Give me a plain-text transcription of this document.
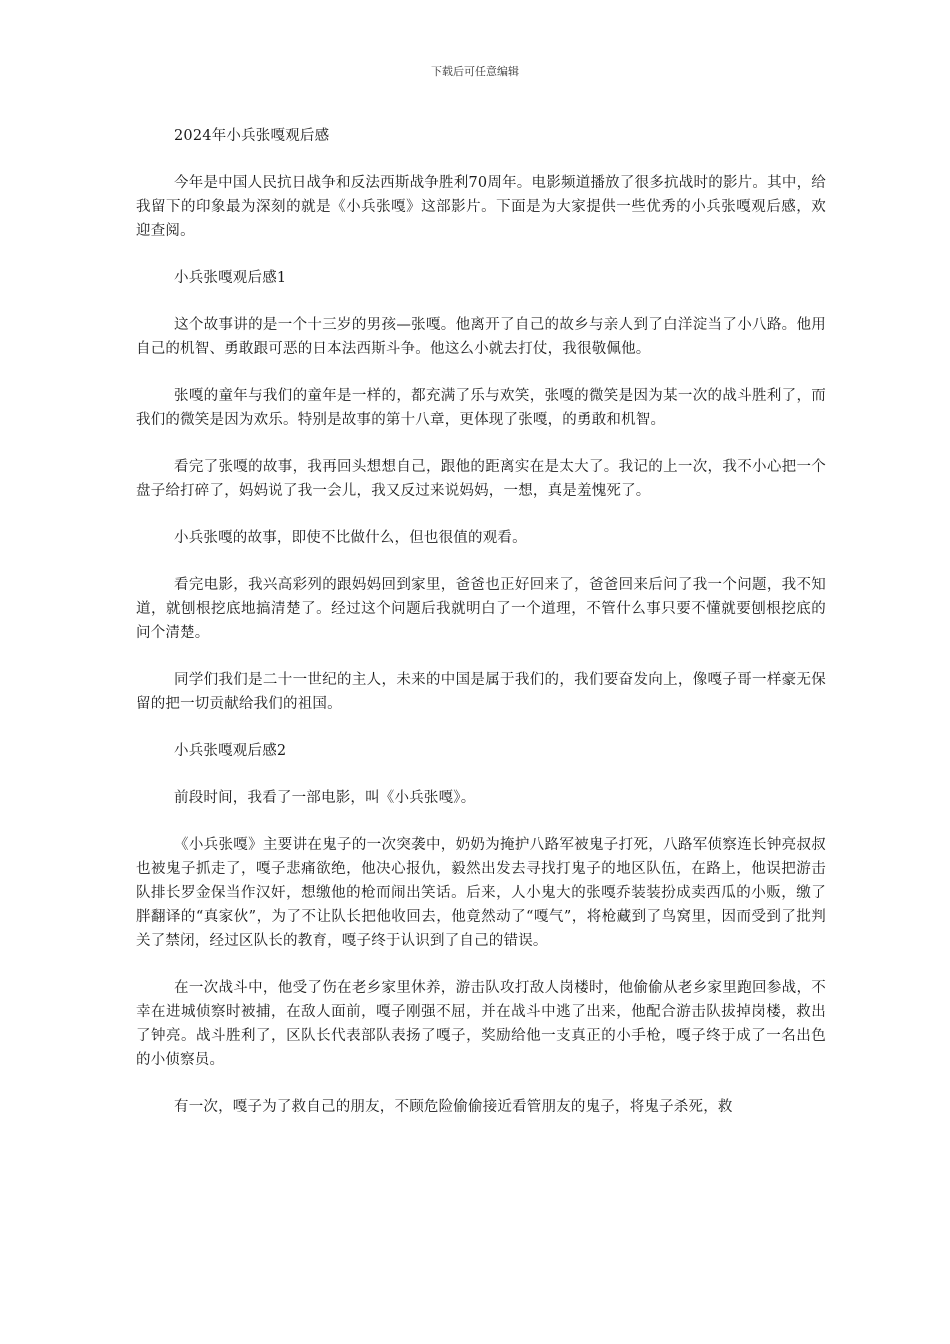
下载后可任意编辑

2024年小兵张嘎观后感

今年是中国人民抗日战争和反法西斯战争胜利70周年。电影频道播放了很多抗战时的影片。其中，给我留下的印象最为深刻的就是《小兵张嘎》这部影片。下面是为大家提供一些优秀的小兵张嘎观后感，欢迎查阅。

小兵张嘎观后感1

这个故事讲的是一个十三岁的男孩—张嘎。他离开了自己的故乡与亲人到了白洋淀当了小八路。他用自己的机智、勇敢跟可恶的日本法西斯斗争。他这么小就去打仗，我很敬佩他。

张嘎的童年与我们的童年是一样的，都充满了乐与欢笑，张嘎的微笑是因为某一次的战斗胜利了，而我们的微笑是因为欢乐。特别是故事的第十八章，更体现了张嘎，的勇敢和机智。

看完了张嘎的故事，我再回头想想自己，跟他的距离实在是太大了。我记的上一次，我不小心把一个盘子给打碎了，妈妈说了我一会儿，我又反过来说妈妈，一想，真是羞愧死了。

小兵张嘎的故事，即使不比做什么，但也很值的观看。

看完电影，我兴高彩列的跟妈妈回到家里，爸爸也正好回来了，爸爸回来后问了我一个问题，我不知道，就刨根挖底地搞清楚了。经过这个问题后我就明白了一个道理，不管什么事只要不懂就要刨根挖底的问个清楚。

同学们我们是二十一世纪的主人，未来的中国是属于我们的，我们要奋发向上，像嘎子哥一样豪无保留的把一切贡献给我们的祖国。

小兵张嘎观后感2

前段时间，我看了一部电影，叫《小兵张嘎》。

《小兵张嘎》主要讲在鬼子的一次突袭中，奶奶为掩护八路军被鬼子打死，八路军侦察连长钟亮叔叔也被鬼子抓走了，嘎子悲痛欲绝，他决心报仇，毅然出发去寻找打鬼子的地区队伍，在路上，他误把游击队排长罗金保当作汉奸，想缴他的枪而闹出笑话。后来，人小鬼大的张嘎乔装装扮成卖西瓜的小贩，缴了胖翻译的“真家伙”，为了不让队长把他收回去，他竟然动了“嘎气”，将枪藏到了鸟窝里，因而受到了批判关了禁闭，经过区队长的教育，嘎子终于认识到了自己的错误。

在一次战斗中，他受了伤在老乡家里休养，游击队攻打敌人岗楼时，他偷偷从老乡家里跑回参战，不幸在进城侦察时被捕，在敌人面前，嘎子刚强不屈，并在战斗中逃了出来，他配合游击队拔掉岗楼，救出了钟亮。战斗胜利了，区队长代表部队表扬了嘎子，奖励给他一支真正的小手枪，嘎子终于成了一名出色的小侦察员。

有一次，嘎子为了救自己的朋友，不顾危险偷偷接近看管朋友的鬼子，将鬼子杀死，救
